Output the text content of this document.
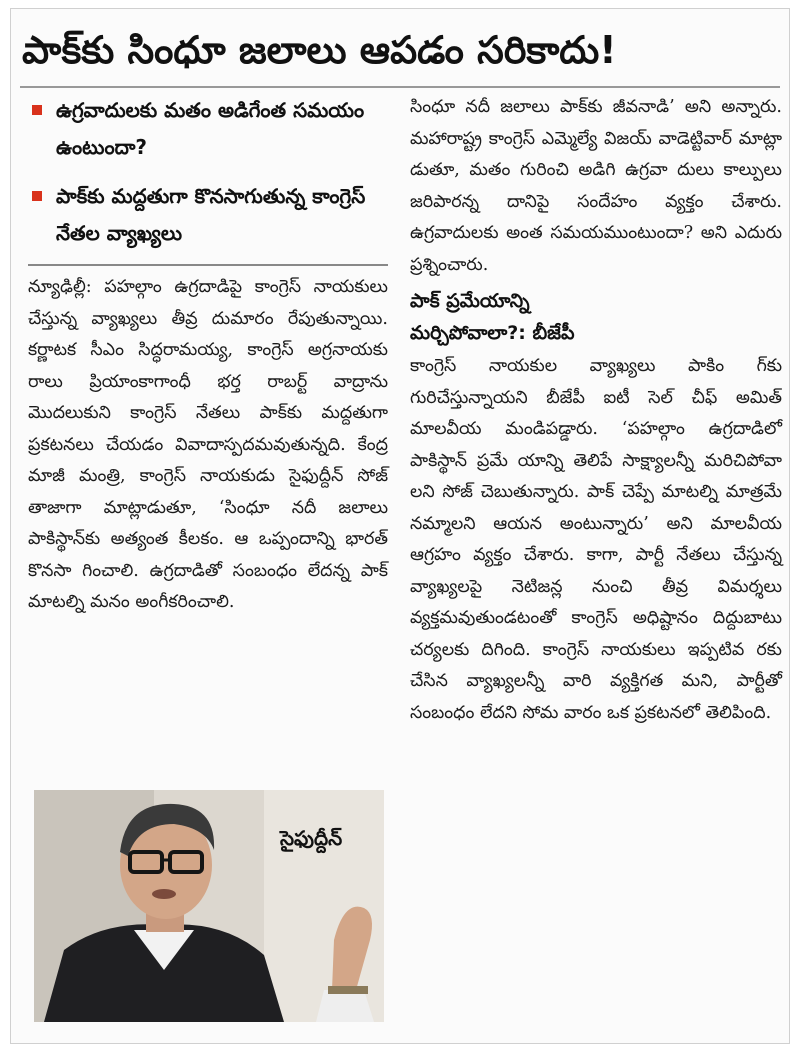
పాక్‌కు సింధూ జలాలు ఆపడం సరికాదు!
ఉగ్రవాదులకు మతం అడిగేంత సమయం ఉంటుందా?
పాక్‌కు మద్దతుగా కొనసాగుతున్న కాంగ్రెస్ నేతల వ్యాఖ్యలు

న్యూఢిల్లీ: పహల్గాం ఉగ్రదాడిపై కాంగ్రెస్ నాయకులు చేస్తున్న వ్యాఖ్యలు తీవ్ర దుమారం రేపుతున్నాయి. కర్ణాటక సీఎం సిద్ధరామయ్య, కాంగ్రెస్ అగ్రనాయకు రాలు ప్రియాంకాగాంధీ భర్త రాబర్ట్ వాద్రాను మొదలుకుని కాంగ్రెస్ నేతలు పాక్‌కు మద్దతుగా ప్రకటనలు చేయడం వివాదాస్పదమవుతున్నది. కేంద్ర మాజీ మంత్రి, కాంగ్రెస్ నాయకుడు సైఫుద్దీన్ సోజ్ తాజాగా మాట్లాడుతూ, ‘సింధూ నదీ జలాలు పాకిస్థాన్‌కు అత్యంత కీలకం. ఆ ఒప్పందాన్ని భారత్ కొనసా గించాలి. ఉగ్రదాడితో సంబంధం లేదన్న పాక్ మాటల్ని మనం అంగీకరించాలి.

సైఫుద్దీన్

సింధూ నదీ జలాలు పాక్‌కు జీవనాడి’ అని అన్నారు. మహారాష్ట్ర కాంగ్రెస్ ఎమ్మెల్యే విజయ్ వాడెట్టివార్ మాట్లా డుతూ, మతం గురించి అడిగి ఉగ్రవా దులు కాల్పులు జరిపారన్న దానిపై సందేహం వ్యక్తం చేశారు. ఉగ్రవాదులకు అంత సమయముంటుందా? అని ఎదురు ప్రశ్నించారు.

పాక్ ప్రమేయాన్ని
మర్చిపోవాలా?: బీజేపీ

కాంగ్రెస్ నాయకుల వ్యాఖ్యలు పాకిం గ్‌కు గురిచేస్తున్నాయని బీజేపీ ఐటీ సెల్ చీఫ్ అమిత్ మాలవీయ మండిపడ్డారు. ‘పహల్గాం ఉగ్రదాడిలో పాకిస్థాన్ ప్రమే యాన్ని తెలిపే సాక్ష్యాలన్నీ మరిచిపోవా లని సోజ్ చెబుతున్నారు. పాక్ చెప్పే మాటల్ని మాత్రమే నమ్మాలని ఆయన అంటున్నారు’ అని మాలవీయ ఆగ్రహం వ్యక్తం చేశారు. కాగా, పార్టీ నేతలు చేస్తున్న వ్యాఖ్యలపై నెటిజన్ల నుంచి తీవ్ర విమర్శలు వ్యక్తమవుతుండటంతో కాంగ్రెస్ అధిష్టానం దిద్దుబాటు చర్యలకు దిగింది. కాంగ్రెస్ నాయకులు ఇప్పటివ రకు చేసిన వ్యాఖ్యలన్నీ వారి వ్యక్తిగత మని, పార్టీతో సంబంధం లేదని సోమ వారం ఒక ప్రకటనలో తెలిపింది.
